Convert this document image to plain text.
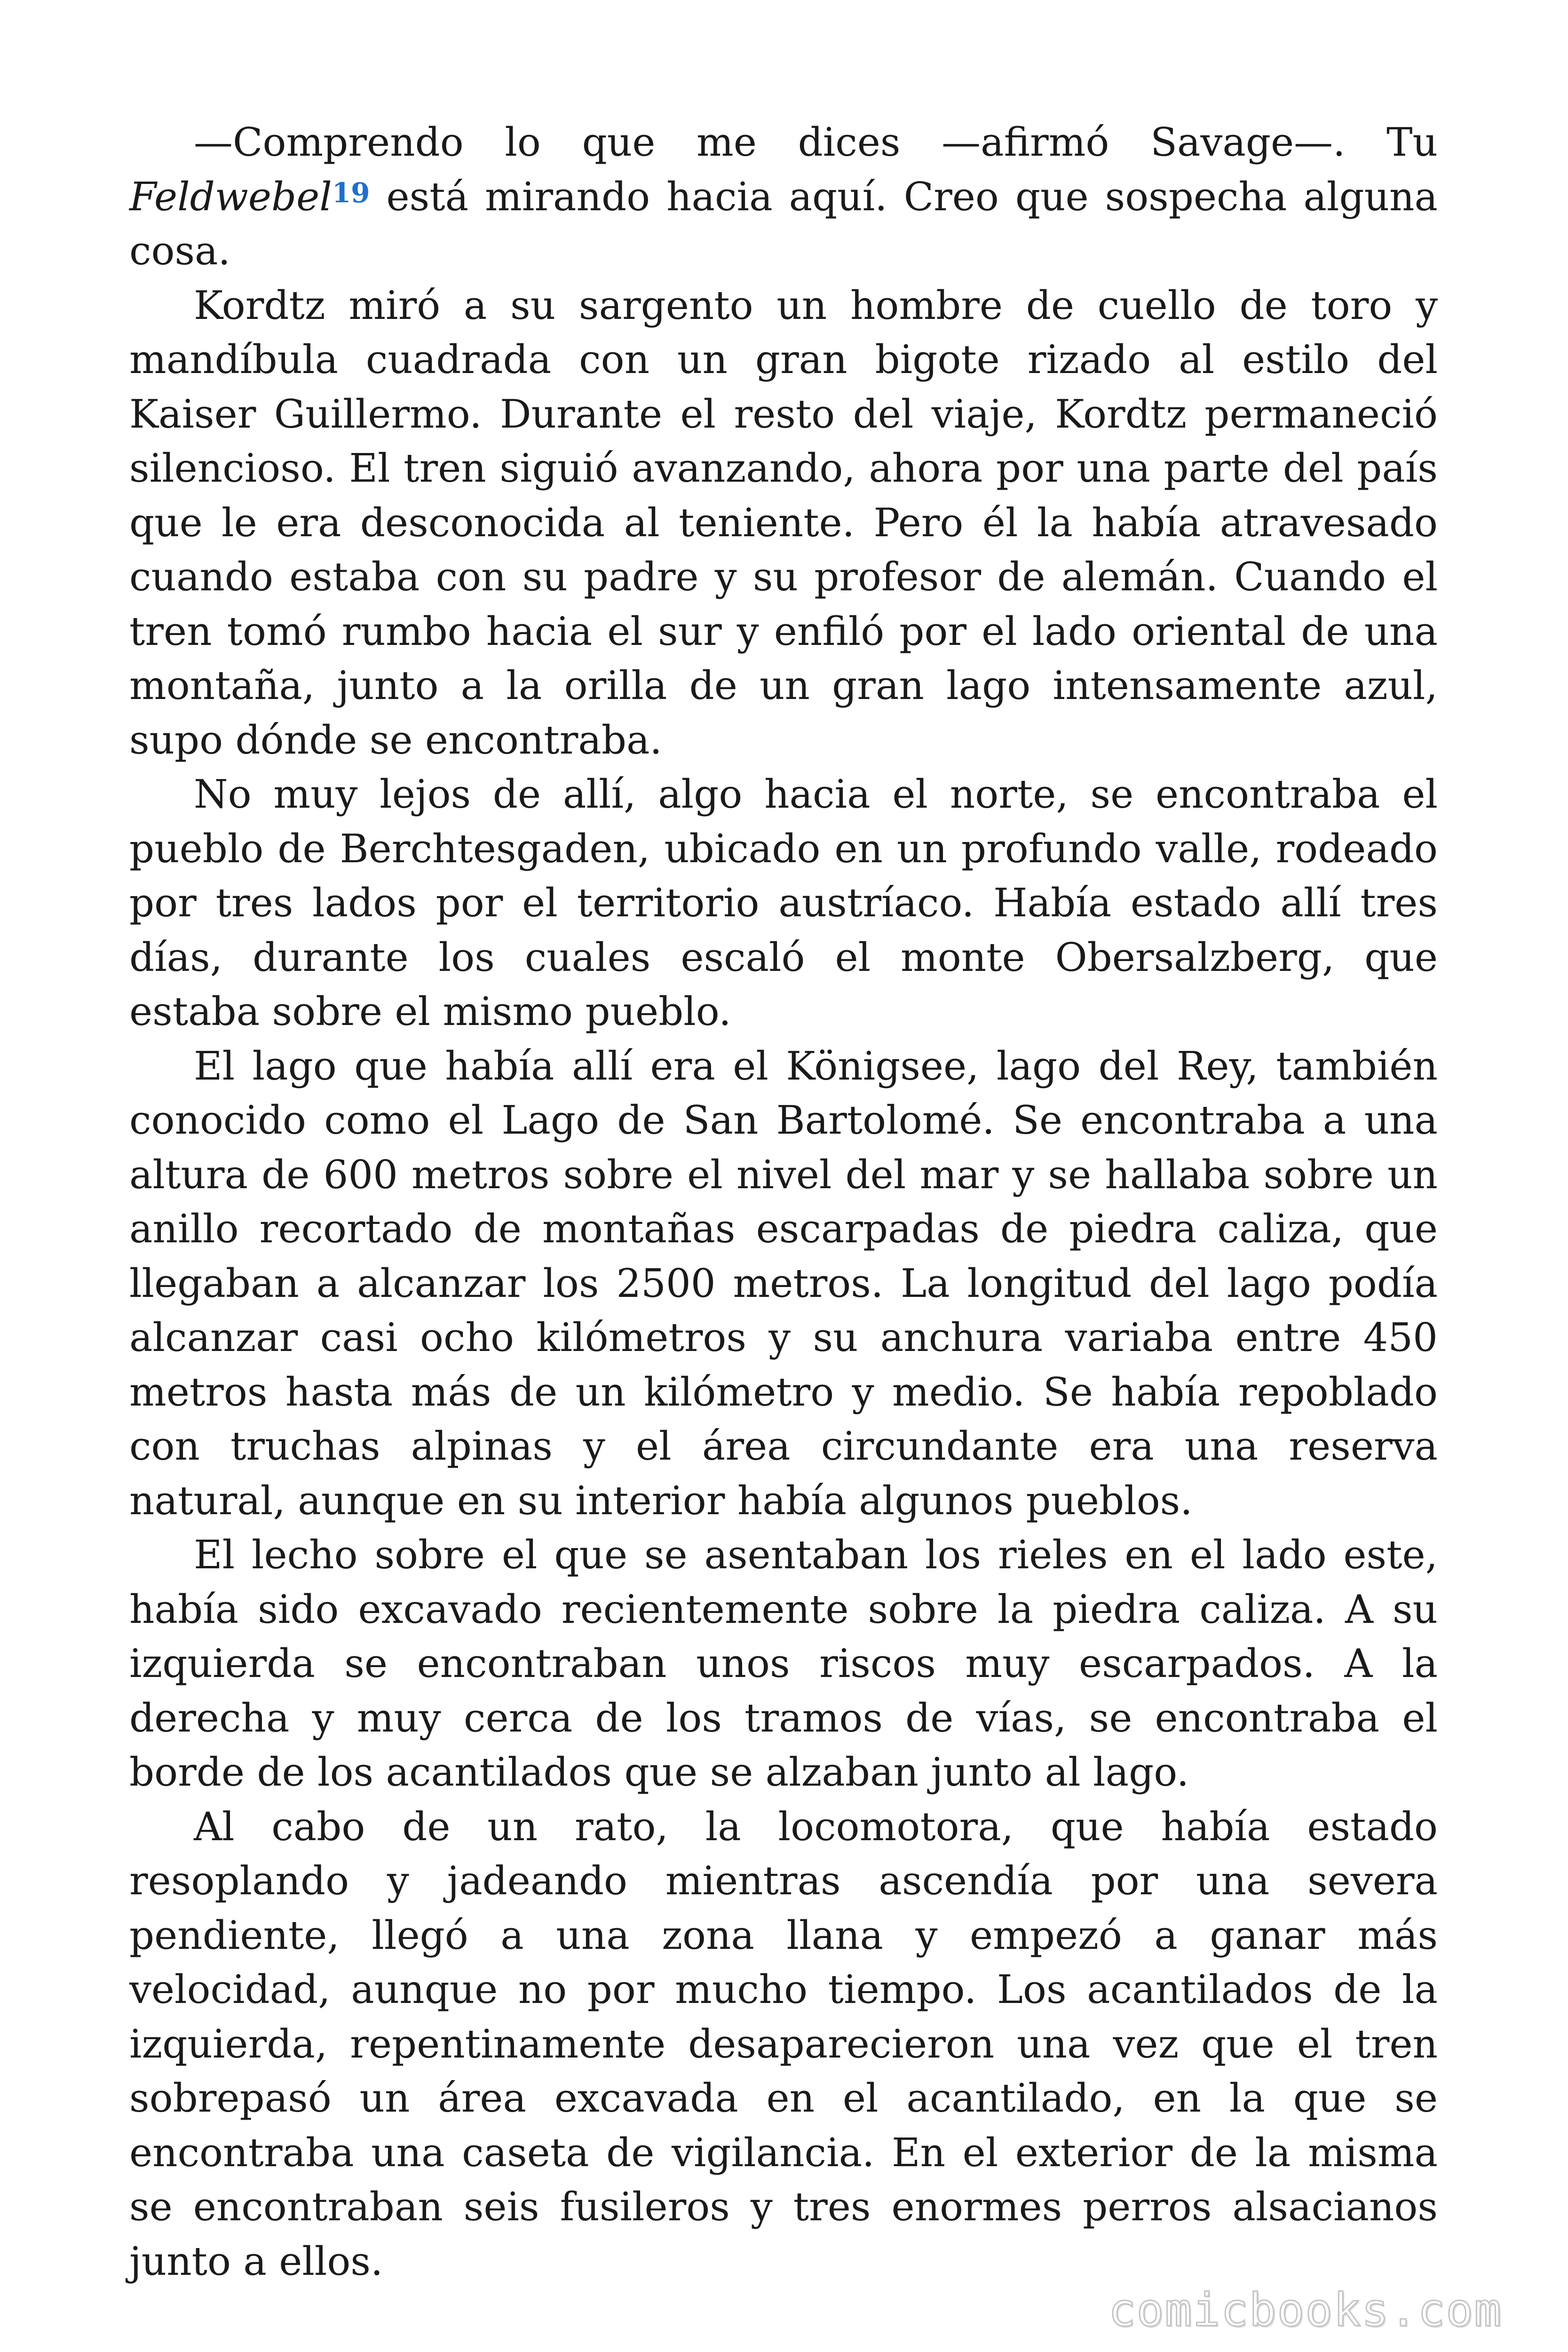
—Comprendo lo que me dices —afirmó Savage—. Tu Feldwebel$^{19}$ está mirando hacia aquí. Creo que sospecha alguna cosa.

Kordtz miró a su sargento un hombre de cuello de toro y mandíbula cuadrada con un gran bigote rizado al estilo del Kaiser Guillermo. Durante el resto del viaje, Kordtz permaneció silencioso. El tren siguió avanzando, ahora por una parte del país que le era desconocida al teniente. Pero él la había atravesado cuando estaba con su padre y su profesor de alemán. Cuando el tren tomó rumbo hacia el sur y enfiló por el lado oriental de una montaña, junto a la orilla de un gran lago intensamente azul, supo dónde se encontraba.

No muy lejos de allí, algo hacia el norte, se encontraba el pueblo de Berchtesgaden, ubicado en un profundo valle, rodeado por tres lados por el territorio austríaco. Había estado allí tres días, durante los cuales escaló el monte Obersalzberg, que estaba sobre el mismo pueblo.

El lago que había allí era el Königsee, lago del Rey, también conocido como el Lago de San Bartolomé. Se encontraba a una altura de 600 metros sobre el nivel del mar y se hallaba sobre un anillo recortado de montañas escarpadas de piedra caliza, que llegaban a alcanzar los 2500 metros. La longitud del lago podía alcanzar casi ocho kilómetros y su anchura variaba entre 450 metros hasta más de un kilómetro y medio. Se había repoblado con truchas alpinas y el área circundante era una reserva natural, aunque en su interior había algunos pueblos.

El lecho sobre el que se asentaban los rieles en el lado este, había sido excavado recientemente sobre la piedra caliza. A su izquierda se encontraban unos riscos muy escarpados. A la derecha y muy cerca de los tramos de vías, se encontraba el borde de los acantilados que se alzaban junto al lago.

Al cabo de un rato, la locomotora, que había estado resoplando y jadeando mientras ascendía por una severa pendiente, llegó a una zona llana y empezó a ganar más velocidad, aunque no por mucho tiempo. Los acantilados de la izquierda, repentinamente desaparecieron una vez que el tren sobrepasó un área excavada en el acantilado, en la que se encontraba una caseta de vigilancia. En el exterior de la misma se encontraban seis fusileros y tres enormes perros alsacianos junto a ellos.

comicbooks.com
